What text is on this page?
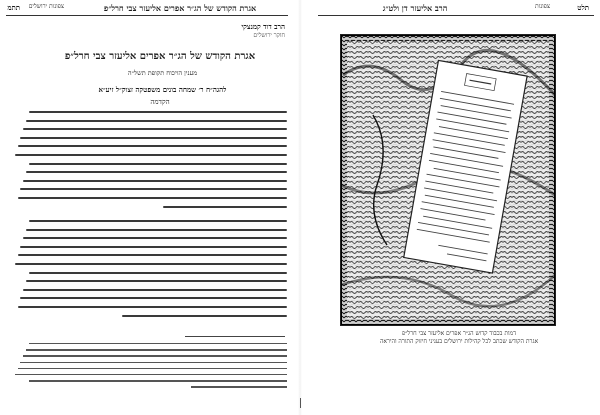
תתמ	צפונות ירושלים	אגרת הקודש של הג״ר אפרים אליעזר צבי חרל״פ	הרב אליעזר דן ולט״ג	צפונות	תלט
הרב דוד קמנצקי
חוקר ירושלים
אגרת הקודש של הג״ר אפרים אליעזר צבי חרל״פ
מענין הויכוח תקופת תשל״ה
להגה״ח ר׳ שמחה בונים משפטקה זצוק״ל זיע״א
הקדמה
דמות בכבוד קדוש הג״ר אפרים אליעזר צבי חרל״פ
אגרת הקודש שכתב לכל קהילות ירושלים בעניני חיזוק התורה והיראה
